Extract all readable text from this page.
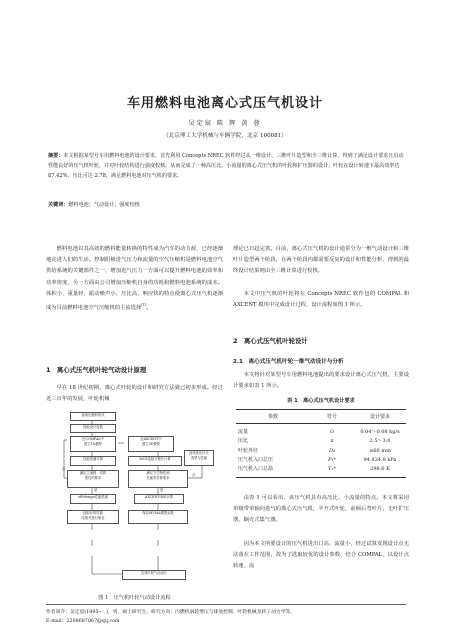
车用燃料电池离心式压气机设计
吴定宸 陈 辉 黄 蓉
（北京理工大学机械与车辆学院，北京 100081）
摘要：本文根据某型号车用燃料电池的设计要求，首先利用 Concepts NREC 软件经过从一维设计、三维叶片造型和全三维计算，得到了满足设计要求且启动性能良好的压气机叶轮，并对叶轮结构进行强度校核，从而完成了一种高压比、小流量的离心式压气机的叶轮和扩压器的设计；叶轮在设计转速下最高效率达 87.42%，压比可达 2.78，满足燃料电池对压气机的要求。
关键词：燃料电池；气动设计；强度校核
燃料电池以其高效的燃料能量转换的特性成为汽车的动力源，已经逐渐地走进人们的生活。控制阴极进气压力和流量的空气压缩机是燃料电池空气供给系统的关键部件之一，增加进气压力一方面可以提升燃料电池的效率和功率密度，另一方面由公司增加压缩机自身的功耗和燃料电池系统的成本。体积小、重量轻、振动噪声小、压比高、响应快的特点使离心式压气机逐渐成为目前燃料电池空气压缩机的主流选择[1]。
1　离心式压气机叶轮气动设计原理
早在 18 世纪初期，离心式叶轮的设计和研究方法就已初步形成。经过近三百年的发展，叶轮机械
选取压缩机形式
选取设计参数
在COMPAL中
建立1D模型
性能预测计算
在AXCENT中
建立3D模型
MCE连续方程法计算
流场优化叶片
造型与性能
满足主流程、结构
型性的要求
满足力学特性和
性能等各种需求
off-design性能预测	AXCENT-RSI计算
选取好的性能
结果并进行保存
保存MVMA模型参数
完成叶轮气动设计
否
是	是
否
图 1　压气机叶轮气动设计流程
理论已日趋完善。目前，离心式压气机的设计通常分为一维气动设计和三维叶片造型两个阶段，在两个阶段内都需要反复的设计和性能分析，得到的最终设计结果则由全三维计算进行校核。
本文中压气机的叶轮将在 Concepts NREC 软件包的 COMPAL 和 AXCENT 模块中完成设计过程，设计流程如图 1 所示。
2　离心式压气机叶轮设计
2.1　离心式压气机叶轮一维气动设计与分析
本文将针对某型号车用燃料电池提出的要求设计离心式压气机，主要设计要求如表 1 所示。
表 1　离心式压气机设计要求
参数	符号	设计要求
流量	G	0.04～0.08 kg/s
压比	π	2.5～3.0
叶轮外径	D₂	≤60 mm
压气机入口总压	P₁*	94 834.8 kPa
压气机入口总温	T₁*	298.6 K
由表 1 可以看出，该压气机具有高压比、小流量的特点。本文将采用单级带单轴向进气的离心式压气机，半开式叶轮，前倾后弯叶片，无叶扩压器，蜗壳式集气器。
因为本文所要设计的压气机进出口高、流量小，经过试算发现设计点无法落在工作范围，故为了选取较优的设计参数，结合 COMPAL，以设计点转速、流
作者简介：吴定宸(1995─　)，男，硕士研究生，研究方向：内燃机涡轮增压与排放控制、叶轮机械及转子动力学等。
E-mail：2208687067@qq.com
